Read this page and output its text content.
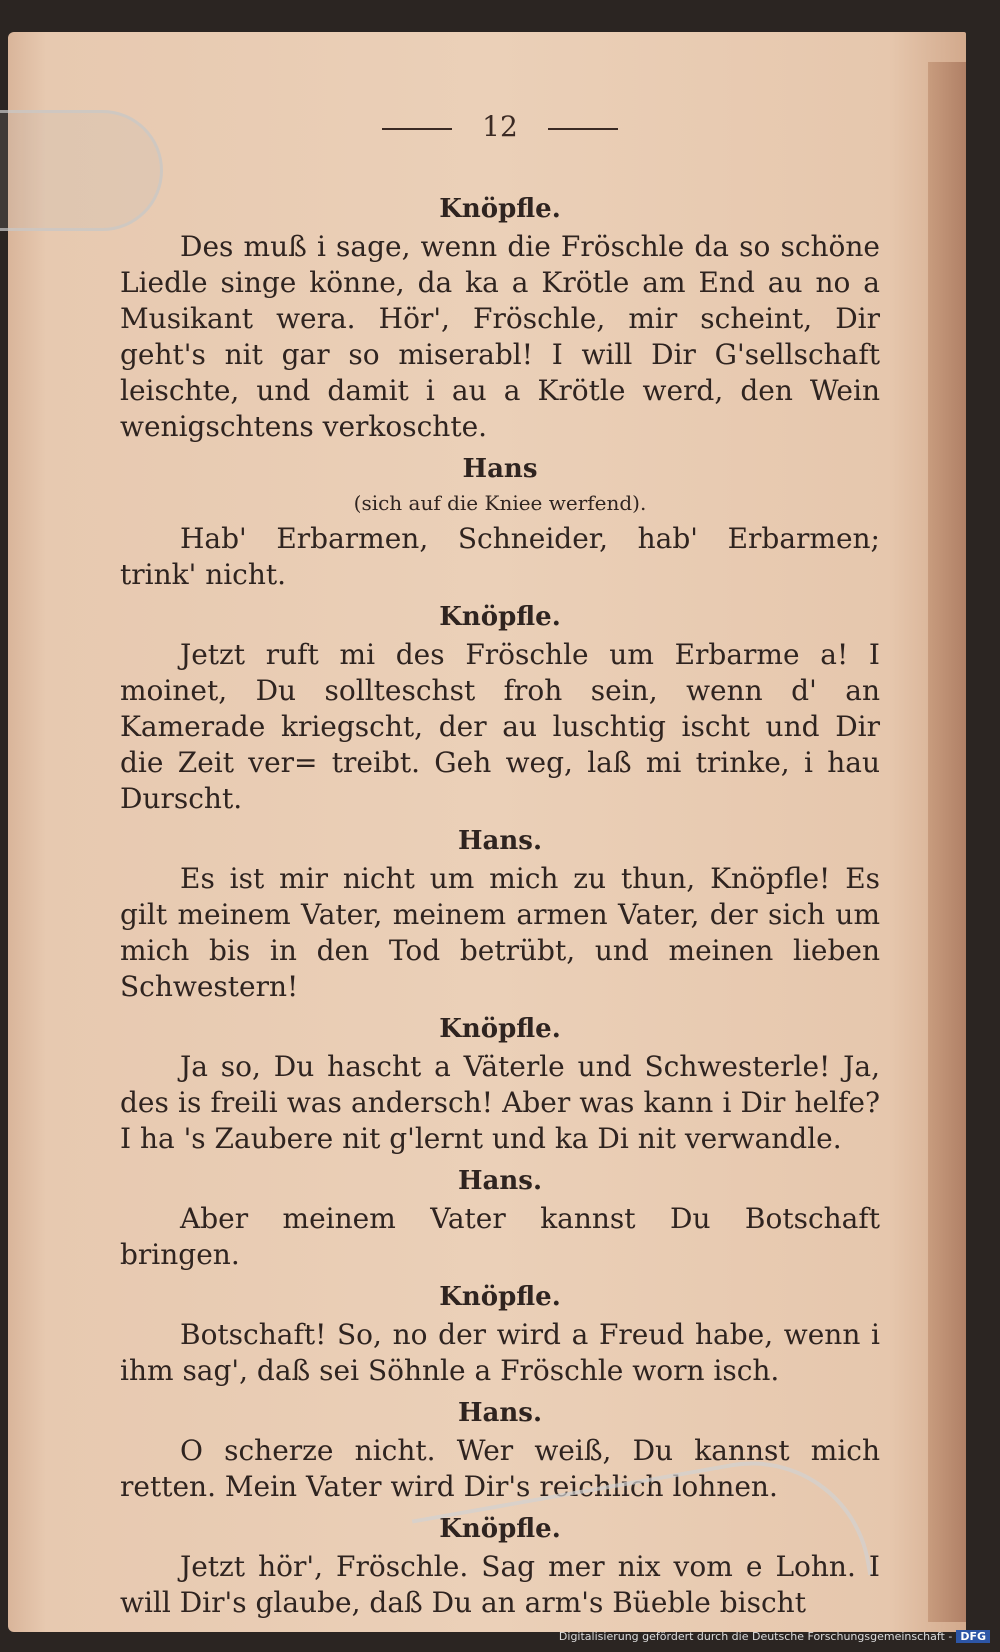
12
Knöpfle.
Des muß i sage, wenn die Fröschle da so schöne Liedle singe könne, da ka a Krötle am End au no a Musikant wera. Hör', Fröschle, mir scheint, Dir geht's nit gar so miserabl! I will Dir G'sellschaft leischte, und damit i au a Krötle werd, den Wein wenigschtens verkoschte.
Hans
(sich auf die Kniee werfend).
Hab' Erbarmen, Schneider, hab' Erbarmen; trink' nicht.
Knöpfle.
Jetzt ruft mi des Fröschle um Erbarme a! I moinet, Du sollteschst froh sein, wenn d' an Kamerade kriegscht, der au luschtig ischt und Dir die Zeit ver= treibt. Geh weg, laß mi trinke, i hau Durscht.
Hans.
Es ist mir nicht um mich zu thun, Knöpfle! Es gilt meinem Vater, meinem armen Vater, der sich um mich bis in den Tod betrübt, und meinen lieben Schwestern!
Knöpfle.
Ja so, Du hascht a Väterle und Schwesterle! Ja, des is freili was andersch! Aber was kann i Dir helfe? I ha 's Zaubere nit g'lernt und ka Di nit verwandle.
Hans.
Aber meinem Vater kannst Du Botschaft bringen.
Knöpfle.
Botschaft! So, no der wird a Freud habe, wenn i ihm sag', daß sei Söhnle a Fröschle worn isch.
Hans.
O scherze nicht. Wer weiß, Du kannst mich retten. Mein Vater wird Dir's reichlich lohnen.
Knöpfle.
Jetzt hör', Fröschle. Sag mer nix vom e Lohn. I will Dir's glaube, daß Du an arm's Büeble bischt
Digitalisierung gefördert durch die Deutsche Forschungsgemeinschaft - DFG
